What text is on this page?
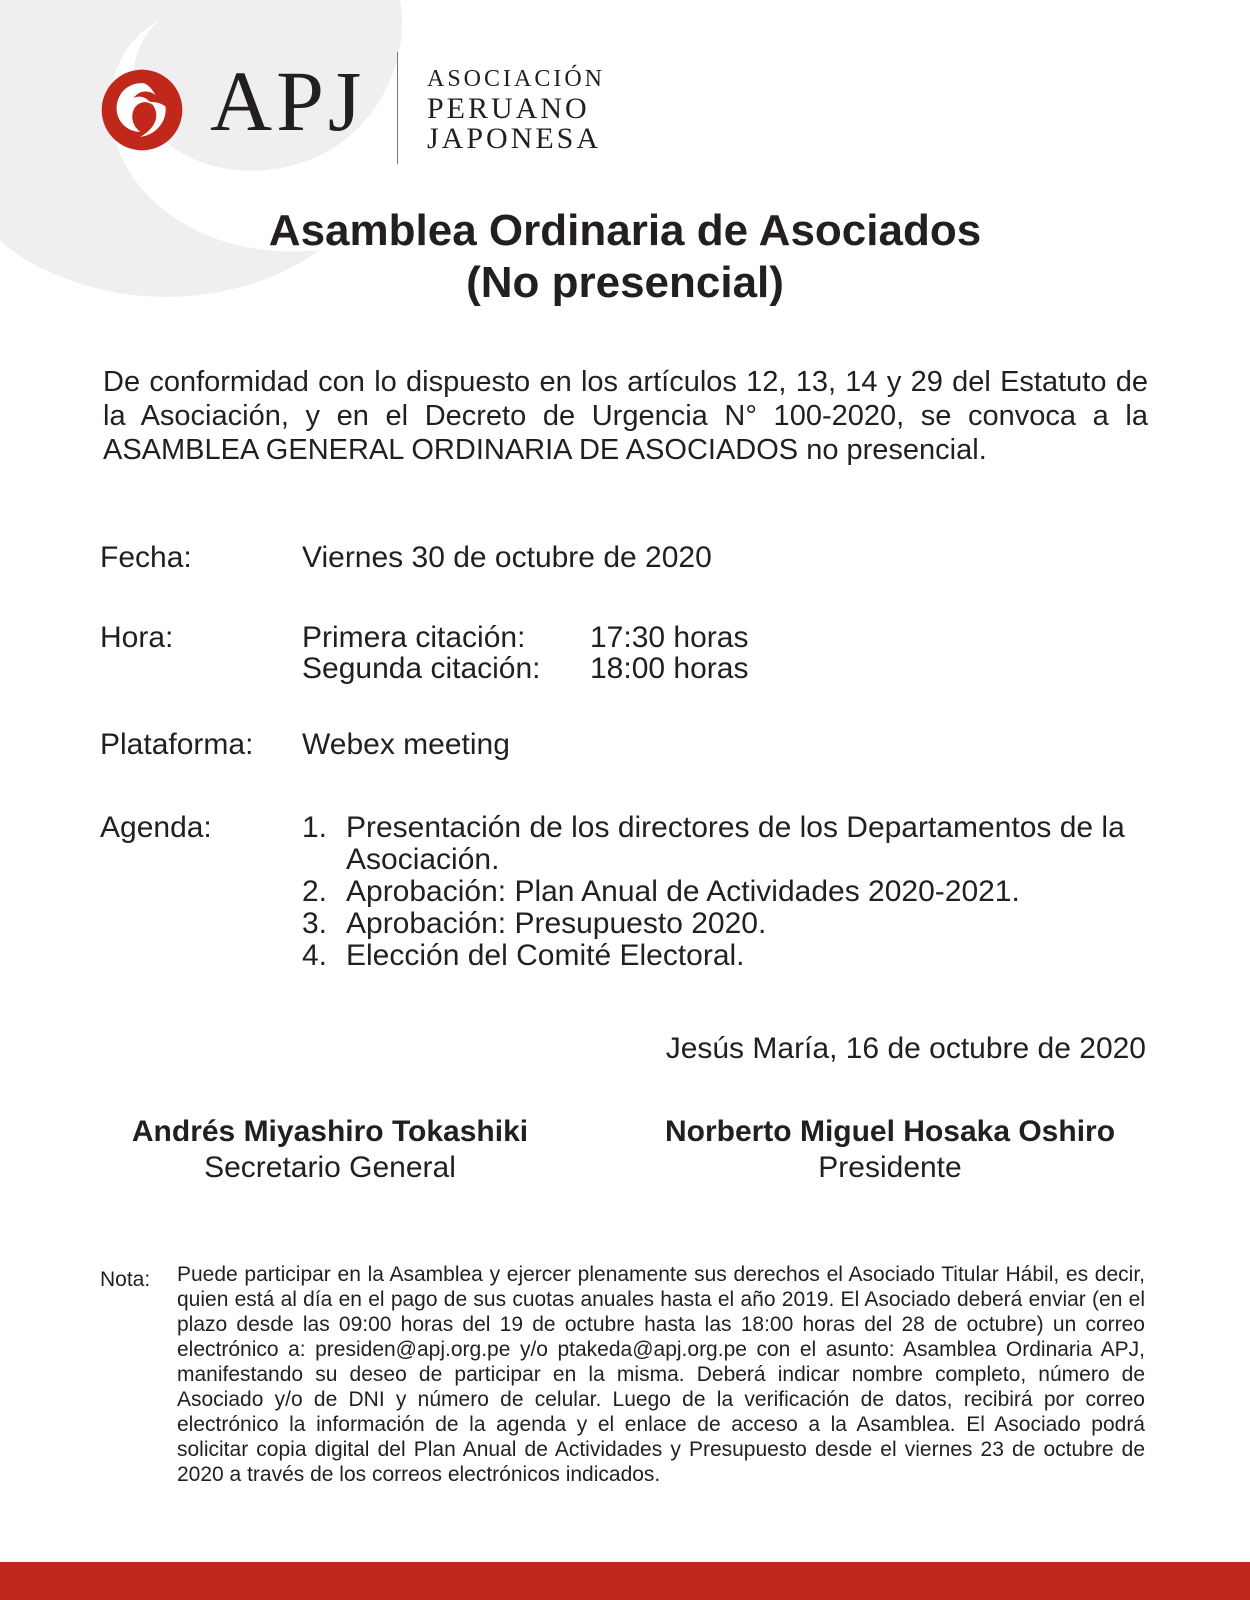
APJ	ASOCIACIÓN
PERUANO
JAPONESA
Asamblea Ordinaria de Asociados
(No presencial)
De conformidad con lo dispuesto en los artículos 12, 13, 14 y 29 del Estatuto de la Asociación, y en el Decreto de Urgencia N° 100-2020, se convoca a la ASAMBLEA GENERAL ORDINARIA DE ASOCIADOS no presencial.
Fecha:	Viernes 30 de octubre de 2020
Hora:	Primera citación: 17:30 horas
Segunda citación: 18:00 horas
Plataforma: Webex meeting
Agenda:	1. Presentación de los directores de los Departamentos de la Asociación.
2. Aprobación: Plan Anual de Actividades 2020-2021.
3. Aprobación: Presupuesto 2020.
4. Elección del Comité Electoral.
Jesús María, 16 de octubre de 2020
Andrés Miyashiro Tokashiki
Secretario General
Norberto Miguel Hosaka Oshiro
Presidente
Nota: Puede participar en la Asamblea y ejercer plenamente sus derechos el Asociado Titular Hábil, es decir, quien está al día en el pago de sus cuotas anuales hasta el año 2019. El Asociado deberá enviar (en el plazo desde las 09:00 horas del 19 de octubre hasta las 18:00 horas del 28 de octubre) un correo electrónico a: presiden@apj.org.pe y/o ptakeda@apj.org.pe con el asunto: Asamblea Ordinaria APJ, manifestando su deseo de participar en la misma. Deberá indicar nombre completo, número de Asociado y/o de DNI y número de celular. Luego de la verificación de datos, recibirá por correo electrónico la información de la agenda y el enlace de acceso a la Asamblea. El Asociado podrá solicitar copia digital del Plan Anual de Actividades y Presupuesto desde el viernes 23 de octubre de 2020 a través de los correos electrónicos indicados.
